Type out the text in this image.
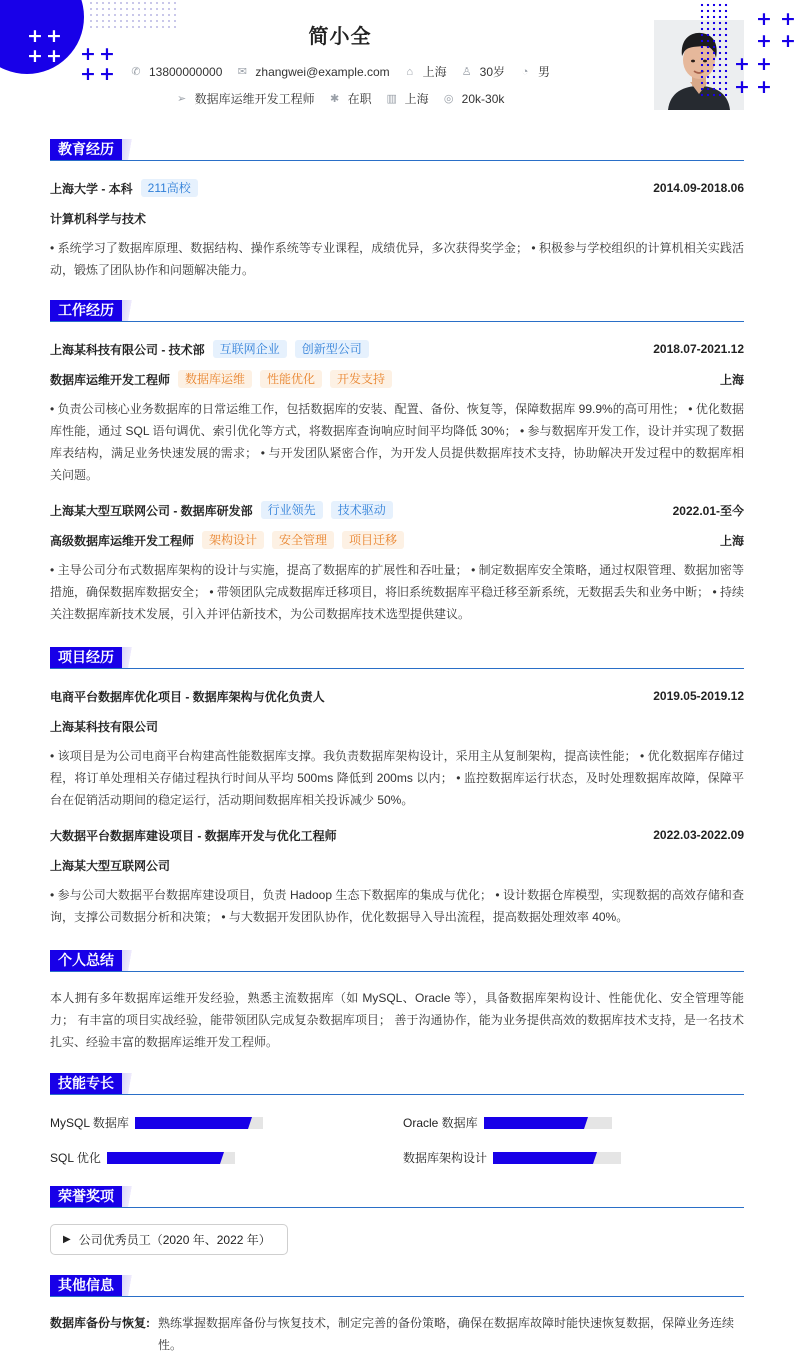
+ +
+ + + +
+ +
简小全
✆ 13800000000 ✉ zhangwei@example.com ⌂ 上海 ♙ 30岁 ◔ 男
➢ 数据库运维开发工程师 ✱ 在职 ▥ 上海 ◎ 20k-30k
+ +
+ +
+ +
+ +
教育经历
上海大学 - 本科	211高校	2014.09-2018.06
计算机科学与技术
• 系统学习了数据库原理、数据结构、操作系统等专业课程，成绩优异，多次获得奖学金； • 积极参与学校组织的计算机相关实践活动，锻炼了团队协作和问题解决能力。
工作经历
上海某科技有限公司 - 技术部	互联网企业	创新型公司	2018.07-2021.12
数据库运维开发工程师	数据库运维	性能优化	开发支持	上海
• 负责公司核心业务数据库的日常运维工作，包括数据库的安装、配置、备份、恢复等，保障数据库 99.9%的高可用性； • 优化数据库性能，通过 SQL 语句调优、索引优化等方式，将数据库查询响应时间平均降低 30%； • 参与数据库开发工作，设计并实现了数据库表结构，满足业务快速发展的需求； • 与开发团队紧密合作，为开发人员提供数据库技术支持，协助解决开发过程中的数据库相关问题。
上海某大型互联网公司 - 数据库研发部	行业领先	技术驱动	2022.01-至今
高级数据库运维开发工程师	架构设计	安全管理	项目迁移	上海
• 主导公司分布式数据库架构的设计与实施，提高了数据库的扩展性和吞吐量； • 制定数据库安全策略，通过权限管理、数据加密等措施，确保数据库数据安全； • 带领团队完成数据库迁移项目，将旧系统数据库平稳迁移至新系统，无数据丢失和业务中断； • 持续关注数据库新技术发展，引入并评估新技术，为公司数据库技术选型提供建议。
项目经历
电商平台数据库优化项目 - 数据库架构与优化负责人	2019.05-2019.12
上海某科技有限公司
• 该项目是为公司电商平台构建高性能数据库支撑。我负责数据库架构设计，采用主从复制架构，提高读性能； • 优化数据库存储过程，将订单处理相关存储过程执行时间从平均 500ms 降低到 200ms 以内； • 监控数据库运行状态，及时处理数据库故障，保障平台在促销活动期间的稳定运行，活动期间数据库相关投诉减少 50%。
大数据平台数据库建设项目 - 数据库开发与优化工程师	2022.03-2022.09
上海某大型互联网公司
• 参与公司大数据平台数据库建设项目，负责 Hadoop 生态下数据库的集成与优化； • 设计数据仓库模型，实现数据的高效存储和查询，支撑公司数据分析和决策； • 与大数据开发团队协作，优化数据导入导出流程，提高数据处理效率 40%。
个人总结
本人拥有多年数据库运维开发经验，熟悉主流数据库（如 MySQL、Oracle 等），具备数据库架构设计、性能优化、安全管理等能力； 有丰富的项目实战经验，能带领团队完成复杂数据库项目； 善于沟通协作，能为业务提供高效的数据库技术支持，是一名技术扎实、经验丰富的数据库运维开发工程师。
技能专长
MySQL 数据库	Oracle 数据库
SQL 优化	数据库架构设计
荣誉奖项
▶ 公司优秀员工（2020 年、2022 年）
其他信息
数据库备份与恢复: 熟练掌握数据库备份与恢复技术，制定完善的备份策略，确保在数据库故障时能快速恢复数据，保障业务连续性。
